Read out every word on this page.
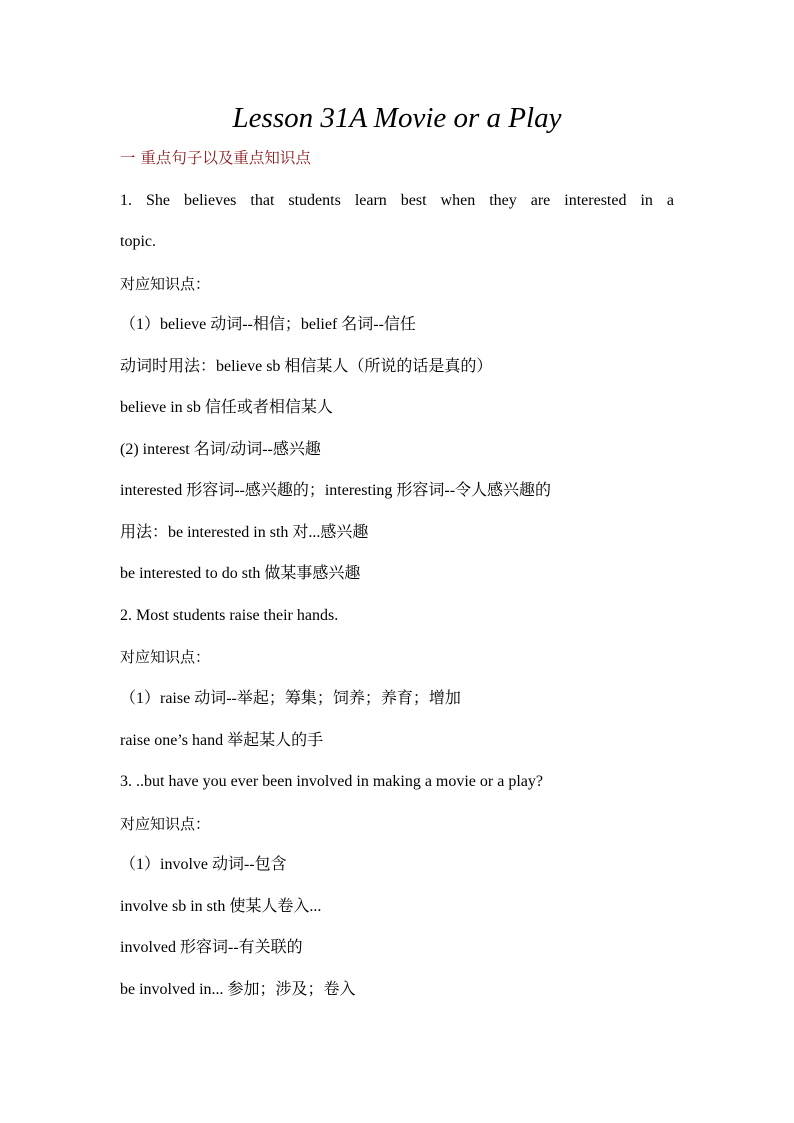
Lesson 31A Movie or a Play
一 重点句子以及重点知识点
1. She believes that students learn best when they are interested in a
topic.
对应知识点：
（1）believe 动词--相信；belief 名词--信任
动词时用法：believe sb 相信某人（所说的话是真的）
believe in sb 信任或者相信某人
(2) interest 名词/动词--感兴趣
interested 形容词--感兴趣的；interesting 形容词--令人感兴趣的
用法：be interested in sth 对...感兴趣
be interested to do sth 做某事感兴趣
2. Most students raise their hands.
对应知识点：
（1）raise 动词--举起；筹集；饲养；养育；增加
raise one’s hand 举起某人的手
3. ..but have you ever been involved in making a movie or a play?
对应知识点：
（1）involve 动词--包含
involve sb in sth 使某人卷入...
involved 形容词--有关联的
be involved in... 参加；涉及；卷入
